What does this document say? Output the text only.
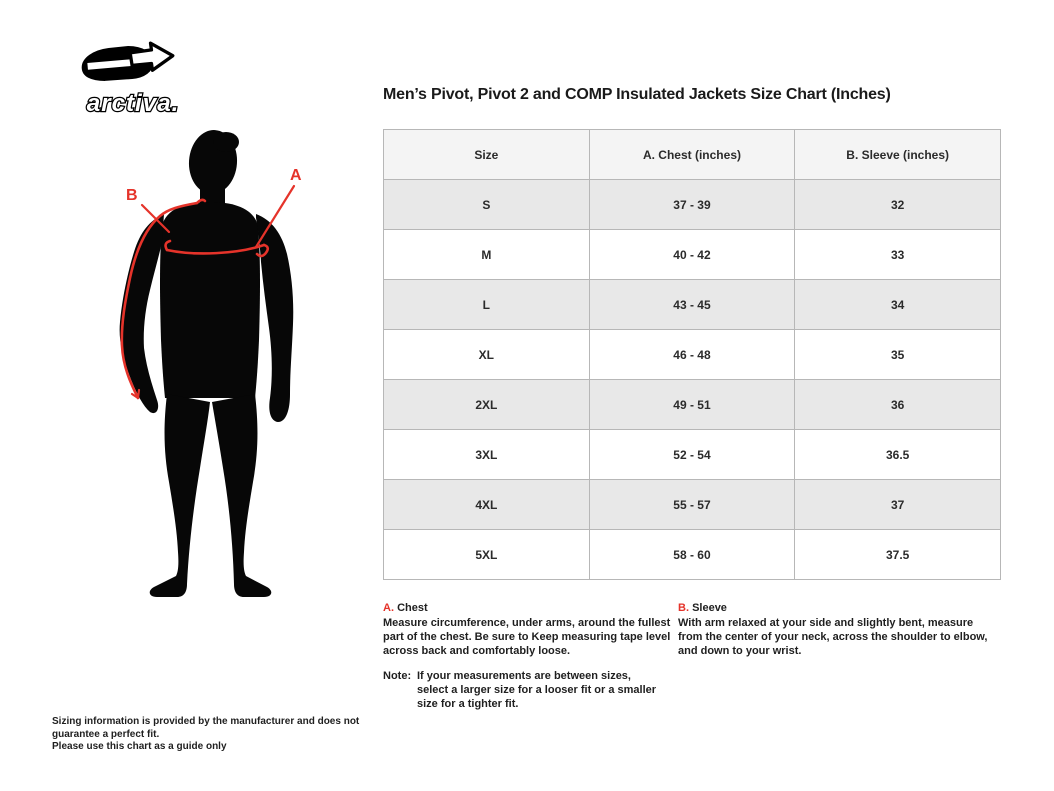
arctiva.
A
B
Men’s Pivot, Pivot 2 and COMP Insulated Jackets Size Chart (Inches)
Size	A. Chest (inches)	B. Sleeve (inches)
S	37 - 39	32
M	40 - 42	33
L	43 - 45	34
XL	46 - 48	35
2XL	49 - 51	36
3XL	52 - 54	36.5
4XL	55 - 57	37
5XL	58 - 60	37.5
A. Chest
Measure circumference, under arms, around the fullest part of the chest. Be sure to Keep measuring tape level across back and comfortably loose.
Note: If your measurements are between sizes, select a larger size for a looser fit or a smaller size for a tighter fit.
B. Sleeve
With arm relaxed at your side and slightly bent, measure from the center of your neck, across the shoulder to elbow, and down to your wrist.
Sizing information is provided by the manufacturer and does not guarantee a perfect fit.
Please use this chart as a guide only
